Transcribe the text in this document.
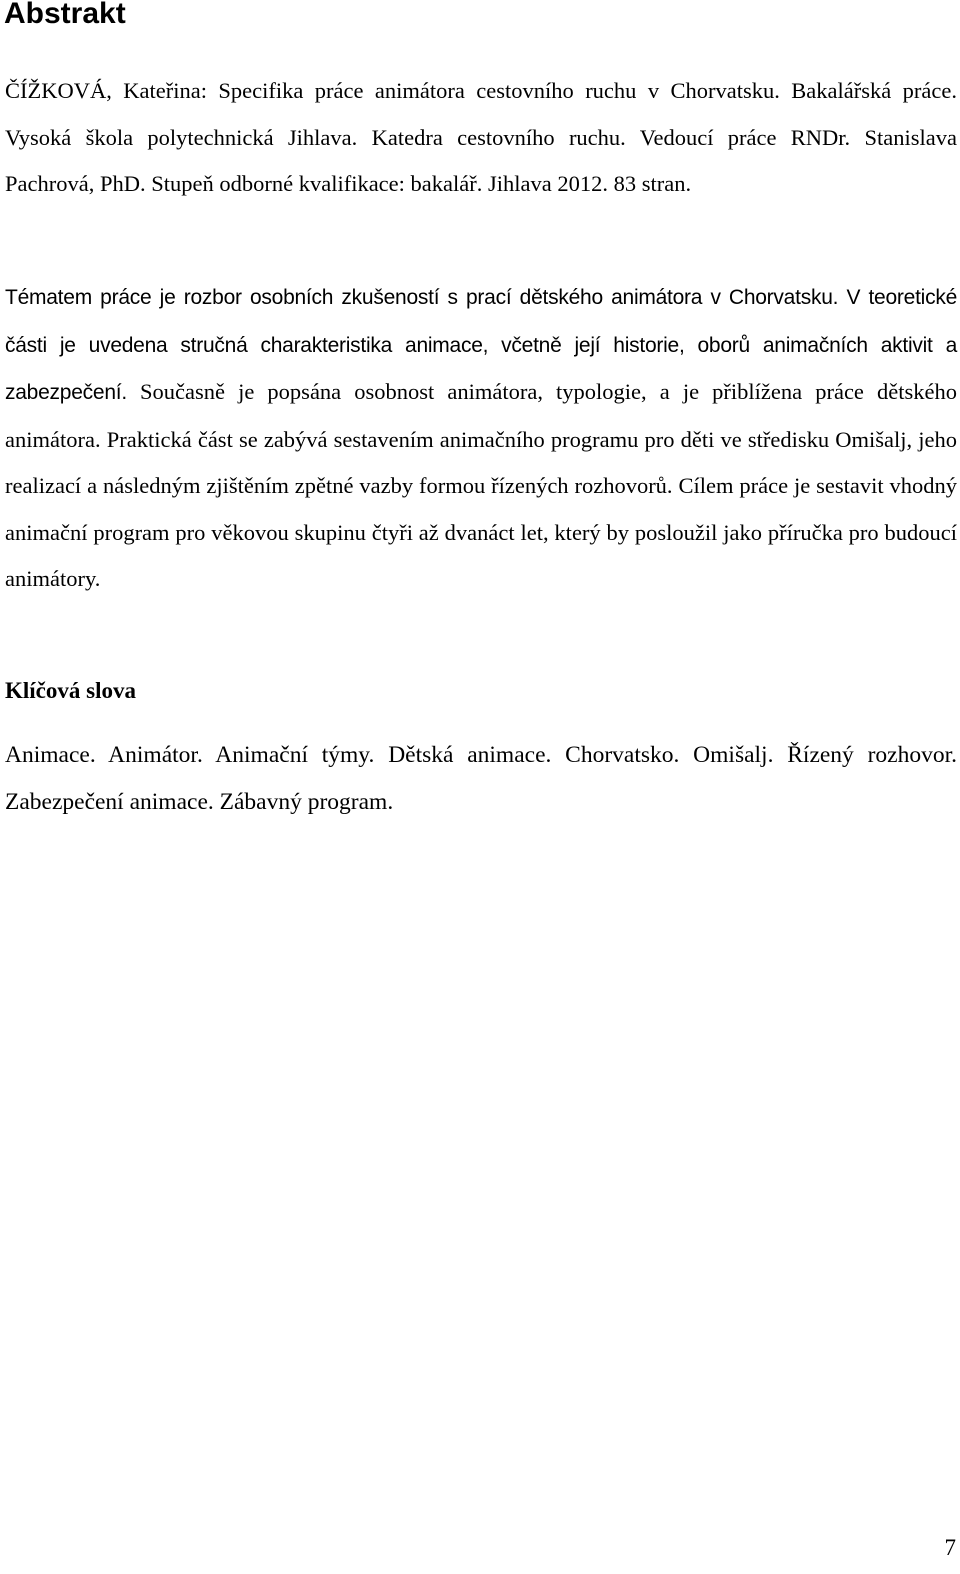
Abstrakt

ČÍŽKOVÁ, Kateřina: Specifika práce animátora cestovního ruchu v Chorvatsku. Bakalářská práce. Vysoká škola polytechnická Jihlava. Katedra cestovního ruchu. Vedoucí práce RNDr. Stanislava Pachrová, PhD. Stupeň odborné kvalifikace: bakalář. Jihlava 2012. 83 stran.

Tématem práce je rozbor osobních zkušeností s prací dětského animátora v Chorvatsku. V teoretické části je uvedena stručná charakteristika animace, včetně její historie, oborů animačních aktivit a zabezpečení. Současně je popsána osobnost animátora, typologie, a je přiblížena práce dětského animátora. Praktická část se zabývá sestavením animačního programu pro děti ve středisku Omišalj, jeho realizací a následným zjištěním zpětné vazby formou řízených rozhovorů. Cílem práce je sestavit vhodný animační program pro věkovou skupinu čtyři až dvanáct let, který by posloužil jako příručka pro budoucí animátory.

Klíčová slova

Animace. Animátor. Animační týmy. Dětská animace. Chorvatsko. Omišalj. Řízený rozhovor. Zabezpečení animace. Zábavný program.

7
